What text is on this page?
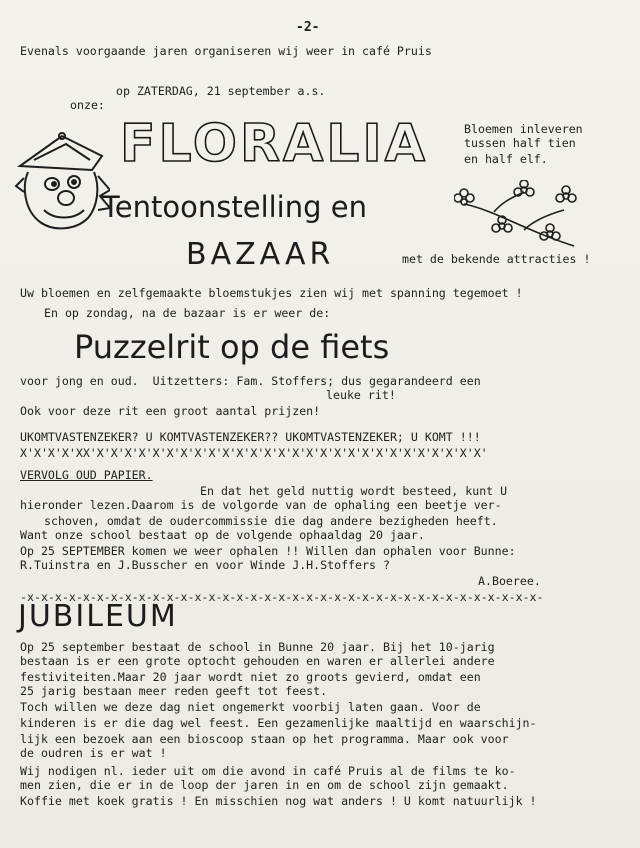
-2-
Evenals voorgaande jaren organiseren wij weer in café Pruis
op ZATERDAG, 21 september a.s.
onze:
FLORALIA	Bloemen inleveren
tussen half tien
en half elf.
Tentoonstelling en
BAZAAR	met de bekende attracties !
Uw bloemen en zelfgemaakte bloemstukjes zien wij met spanning tegemoet !
En op zondag, na de bazaar is er weer de:
Puzzelrit op de fiets
voor jong en oud.  Uitzetters: Fam. Stoffers; dus gegarandeerd een
leuke rit!
Ook voor deze rit een groot aantal prijzen!
UKOMTVASTENZEKER? U KOMTVASTENZEKER?? UKOMTVASTENZEKER; U KOMT !!!
X'X'X'X'XX'X'X'X'X'X'X'X'X'X'X'X'X'X'X'X'X'X'X'X'X'X'X'X'X'X'X'X'X'
VERVOLG OUD PAPIER.
En dat het geld nuttig wordt besteed, kunt U
hieronder lezen.Daarom is de volgorde van de ophaling een beetje ver-
schoven, omdat de oudercommissie die dag andere bezigheden heeft.
Want onze school bestaat op de volgende ophaaldag 20 jaar.
Op 25 SEPTEMBER komen we weer ophalen !! Willen dan ophalen voor Bunne:
R.Tuinstra en J.Busscher en voor Winde J.H.Stoffers ?
A.Boeree.
-x-x-x-x-x-x-x-x-x-x-x-x-x-x-x-x-x-x-x-x-x-x-x-x-x-x-x-x-x-x-x-x-x-x-x-x-x-
JUBILEUM
Op 25 september bestaat de school in Bunne 20 jaar. Bij het 10-jarig
bestaan is er een grote optocht gehouden en waren er allerlei andere
festiviteiten.Maar 20 jaar wordt niet zo groots gevierd, omdat een
25 jarig bestaan meer reden geeft tot feest.
Toch willen we deze dag niet ongemerkt voorbij laten gaan. Voor de
kinderen is er die dag wel feest. Een gezamenlijke maaltijd en waarschijn-
lijk een bezoek aan een bioscoop staan op het programma. Maar ook voor
de oudren is er wat !
Wij nodigen nl. ieder uit om die avond in café Pruis al de films te ko-
men zien, die er in de loop der jaren in en om de school zijn gemaakt.
Koffie met koek gratis ! En misschien nog wat anders ! U komt natuurlijk !
